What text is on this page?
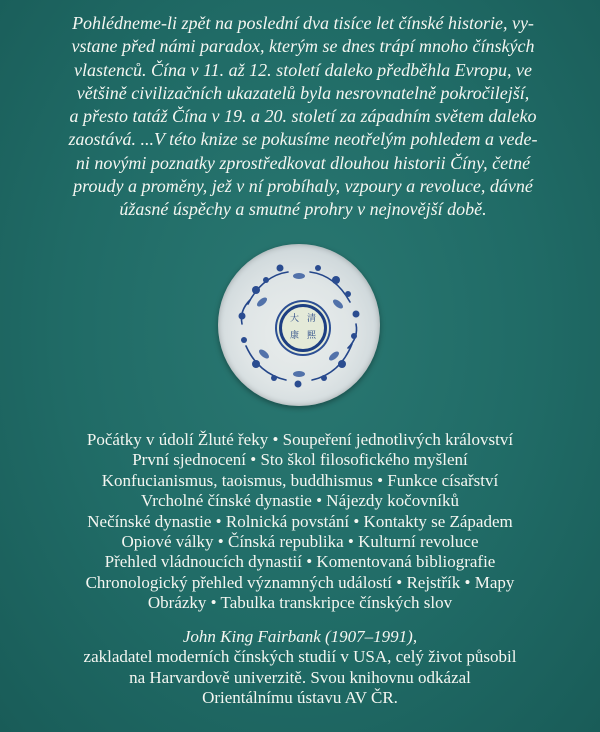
Pohlédneme-li zpět na poslední dva tisíce let čínské historie, vy-

vstane před námi paradox, kterým se dnes trápí mnoho čínských

vlastenců. Čína v 11. až 12. století daleko předběhla Evropu, ve

většině civilizačních ukazatelů byla nesrovnatelně pokročilejší,

a přesto tatáž Čína v 19. a 20. století za západním světem daleko

zaostává. ...V této knize se pokusíme neotřelým pohledem a vede-

ni novými poznatky zprostředkovat dlouhou historii Číny, četné

proudy a proměny, jež v ní probíhaly, vzpoury a revoluce, dávné

úžasné úspěchy a smutné prohry v nejnovější době.

大 清
康 熙
Počátky v údolí Žluté řeky • Soupeření jednotlivých království
První sjednocení • Sto škol filosofického myšlení
Konfucianismus, taoismus, buddhismus • Funkce císařství
Vrcholné čínské dynastie • Nájezdy kočovníků
Nečínské dynastie • Rolnická povstání • Kontakty se Západem
Opiové války • Čínská republika • Kulturní revoluce
Přehled vládnoucích dynastií • Komentovaná bibliografie
Chronologický přehled významných událostí • Rejstřík • Mapy
Obrázky • Tabulka transkripce čínských slov
John King Fairbank (1907–1991),
zakladatel moderních čínských studií v USA, celý život působil
na Harvardově univerzitě. Svou knihovnu odkázal
Orientálnímu ústavu AV ČR.
